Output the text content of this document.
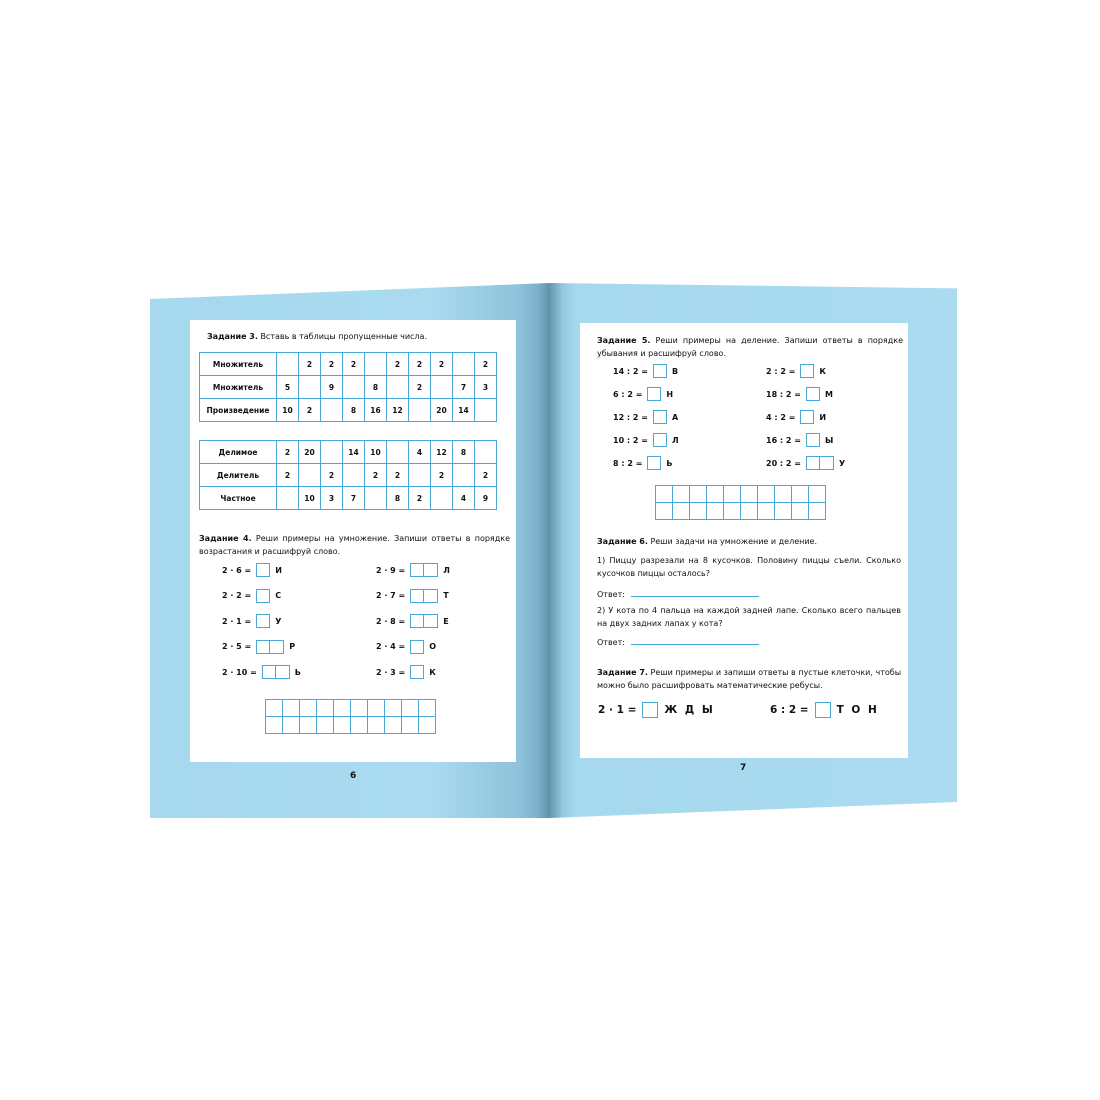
Задание 3. Вставь в таблицы пропущенные числа.
Множитель		2	2	2		2	2	2		2
Множитель	5		9		8		2		7	3
Произведение	10	2		8	16	12		20	14	
Делимое	2	20		14	10		4	12	8	
Делитель	2		2		2	2		2		2
Частное		10	3	7		8	2		4	9
Задание 4. Реши примеры на умножение. Запиши ответы в порядке возрастания и расшифруй слово.
2 · 6 =	И
2 · 2 =	С
2 · 1 =	У
2 · 5 =	Р
2 · 10 =	Ь
2 · 9 =	Л
2 · 7 =	Т
2 · 8 =	Е
2 · 4 =	О
2 · 3 =	К

6
Задание 5. Реши примеры на деление. Запиши ответы в порядке убывания и расшифруй слово.
14 : 2 =	В
6 : 2 =	Н
12 : 2 =	А
10 : 2 =	Л
8 : 2 =	Ь
2 : 2 =	К
18 : 2 =	М
4 : 2 =	И
16 : 2 =	Ы
20 : 2 =	У

Задание 6. Реши задачи на умножение и деление.
1) Пиццу разрезали на 8 кусочков. Половину пиццы съели. Сколько кусочков пиццы осталось?
Ответ:
2) У кота по 4 пальца на каждой задней лапе. Сколько всего пальцев на двух задних лапах у кота?
Ответ:
Задание 7. Реши примеры и запиши ответы в пустые клеточки, чтобы можно было расшифровать математические ребусы.
2 · 1 =	Ж Д Ы	6 : 2 =	Т О Н
7
